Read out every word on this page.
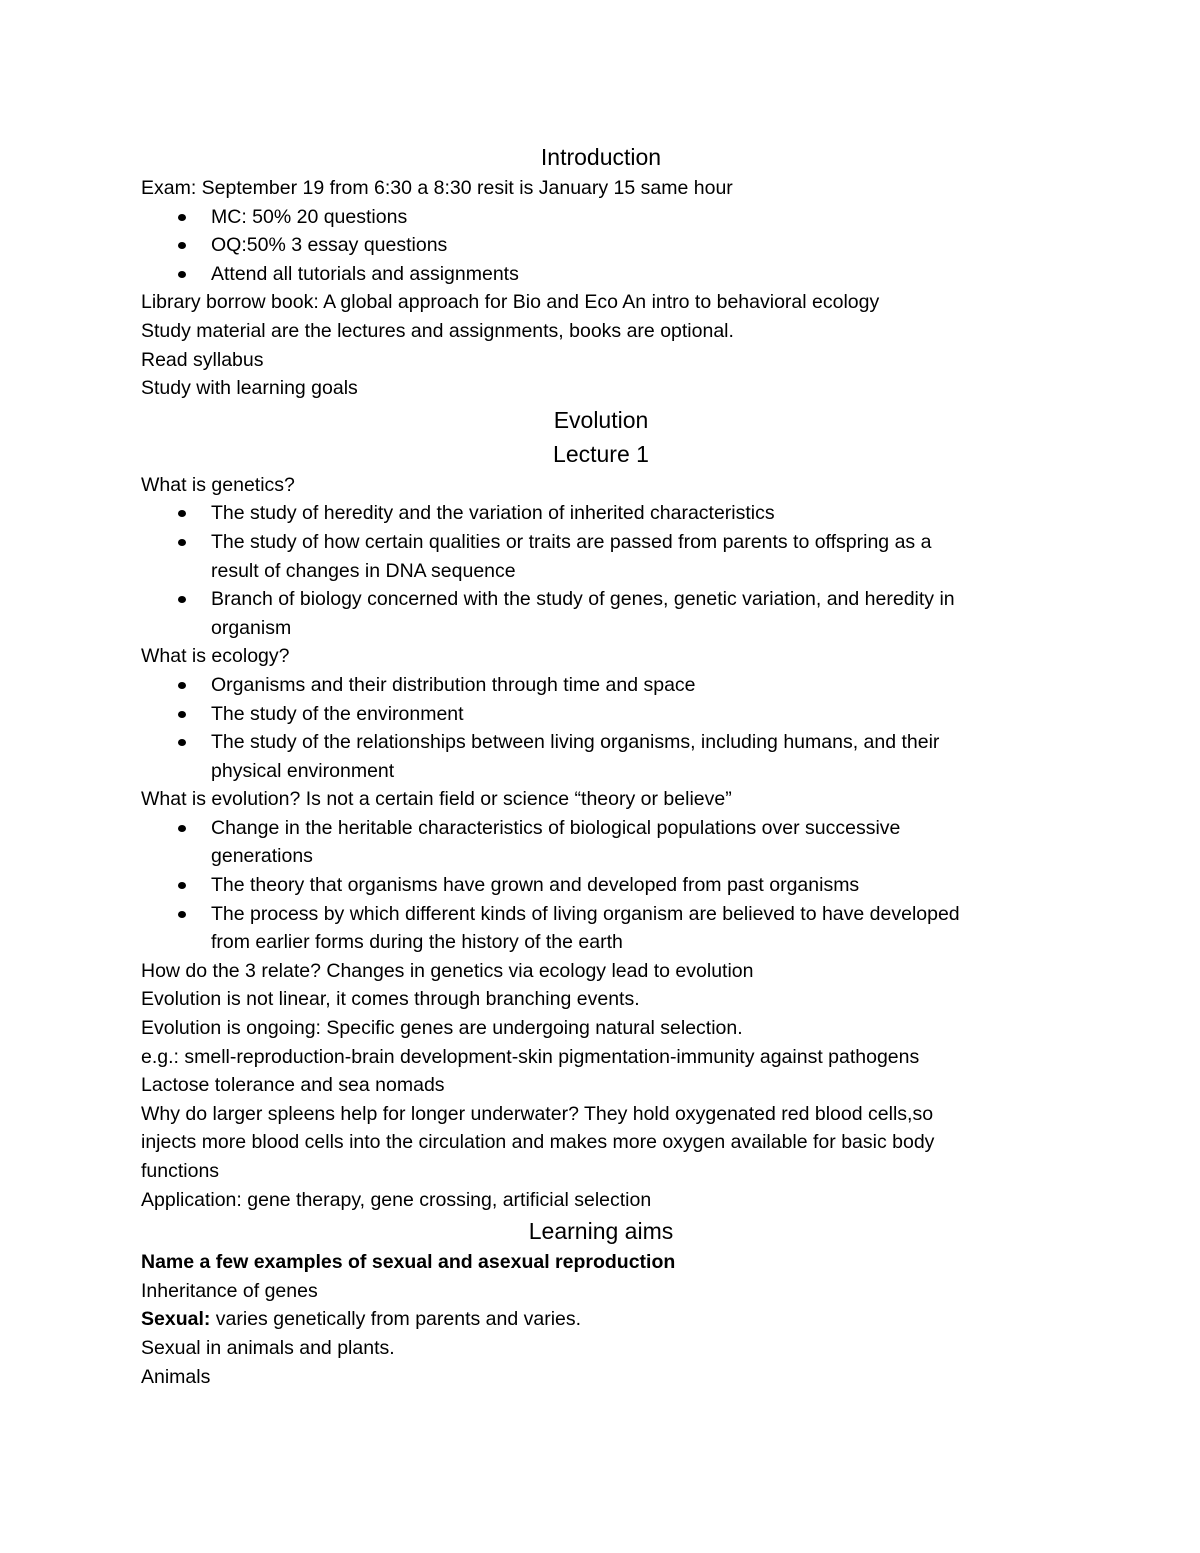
Introduction

Exam: September 19 from 6:30 a 8:30 resit is January 15 same hour

MC: 50% 20 questions
OQ:50% 3 essay questions
Attend all tutorials and assignments

Library borrow book: A global approach for Bio and Eco An intro to behavioral ecology

Study material are the lectures and assignments, books are optional.

Read syllabus

Study with learning goals

Evolution
Lecture 1

What is genetics?

The study of heredity and the variation of inherited characteristics
The study of how certain qualities or traits are passed from parents to offspring as a
result of changes in DNA sequence
Branch of biology concerned with the study of genes, genetic variation, and heredity in
organism

What is ecology?

Organisms and their distribution through time and space
The study of the environment
The study of the relationships between living organisms, including humans, and their
physical environment

What is evolution? Is not a certain field or science “theory or believe”

Change in the heritable characteristics of biological populations over successive
generations
The theory that organisms have grown and developed from past organisms
The process by which different kinds of living organism are believed to have developed
from earlier forms during the history of the earth

How do the 3 relate? Changes in genetics via ecology lead to evolution

Evolution is not linear, it comes through branching events.

Evolution is ongoing: Specific genes are undergoing natural selection.

e.g.: smell-reproduction-brain development-skin pigmentation-immunity against pathogens

Lactose tolerance and sea nomads

Why do larger spleens help for longer underwater? They hold oxygenated red blood cells,so

injects more blood cells into the circulation and makes more oxygen available for basic body

functions

Application: gene therapy, gene crossing, artificial selection

Learning aims

Name a few examples of sexual and asexual reproduction

Inheritance of genes

Sexual: varies genetically from parents and varies.

Sexual in animals and plants.

Animals
